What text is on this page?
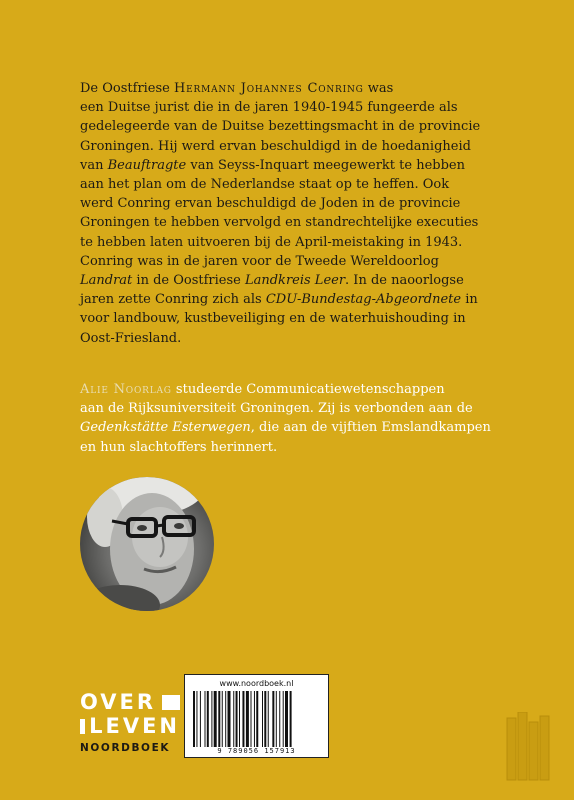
De Oostfriese Hermann Johannes Conring was

een Duitse jurist die in de jaren 1940-1945 fungeerde als

gedelegeerde van de Duitse bezettingsmacht in de provincie

Groningen. Hij werd ervan beschuldigd in de hoedanigheid

van Beauftragte van Seyss-Inquart meegewerkt te hebben

aan het plan om de Nederlandse staat op te heffen. Ook

werd Conring ervan beschuldigd de Joden in de provincie

Groningen te hebben vervolgd en standrechtelijke executies

te hebben laten uitvoeren bij de April-meistaking in 1943.

Conring was in de jaren voor de Tweede Wereldoorlog

Landrat in de Oostfriese Landkreis Leer. In de naoorlogse

jaren zette Conring zich als CDU-Bundestag-Abgeordnete in

voor landbouw, kustbeveiliging en de waterhuishouding in

Oost-Friesland.

Alie Noorlag studeerde Communicatiewetenschappen

aan de Rijksuniversiteit Groningen. Zij is verbonden aan de

Gedenkstätte Esterwegen, die aan de vijftien Emslandkampen

en hun slachtoffers herinnert.

OVER
LEVEN
NOORDBOEK
www.noordboek.nl
9 789056 157913
